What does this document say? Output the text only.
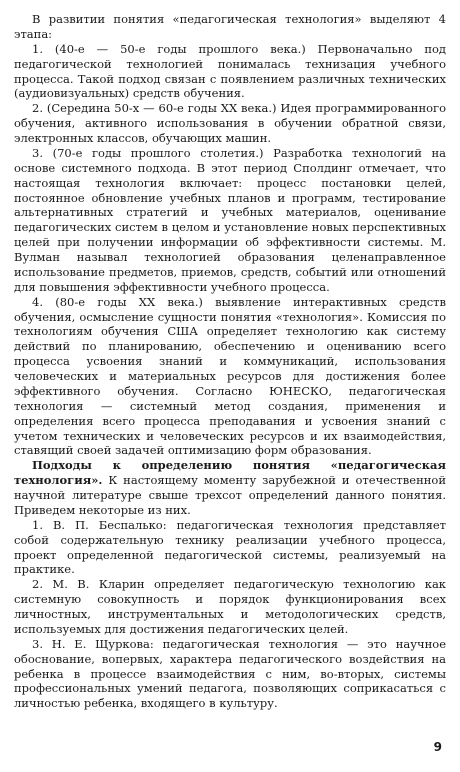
В развитии понятия «педагогическая технология» выделяют 4 этапа:

1. (40-е — 50-е годы прошлого века.) Первоначально под педагогической технологией понималась технизация учебного процесса. Такой подход связан с появлением различных технических (аудиовизуальных) средств обучения.

2. (Середина 50-х — 60-е годы XX века.) Идея программированного обучения, активного использования в обучении обратной связи, электронных классов, обучающих машин.

3. (70-е годы прошлого столетия.) Разработка технологий на основе системного подхода. В этот период Сполдинг отмечает, что настоящая технология включает: процесс постановки целей, постоянное обновление учебных планов и программ, тестирование альтернативных стратегий и учебных материалов, оценивание педагогических систем в целом и установление новых перспективных целей при получении информации об эффективности системы. М. Вулман называл технологией образования целенаправленное использование предметов, приемов, средств, событий или отношений для повышения эффективности учебного процесса.

4. (80-е годы XX века.) выявление интерактивных средств обучения, осмысление сущности понятия «технология». Комиссия по технологиям обучения США определяет технологию как систему действий по планированию, обеспечению и оцениванию всего процесса усвоения знаний и коммуникаций, использования человеческих и материальных ресурсов для достижения более эффективного обучения. Согласно ЮНЕСКО, педагогическая технология — системный метод создания, применения и определения всего процесса преподавания и усвоения знаний с учетом технических и человеческих ресурсов и их взаимодействия, ставящий своей задачей оптимизацию форм образования.

Подходы к определению понятия «педагогическая технология». К настоящему моменту зарубежной и отечественной научной литературе свыше трехсот определений данного понятия. Приведем некоторые из них.

1. В. П. Беспалько: педагогическая технология представляет собой содержательную технику реализации учебного процесса, проект определенной педагогической системы, реализуемый на практике.

2. М. В. Кларин определяет педагогическую технологию как системную совокупность и порядок функционирования всех личностных, инструментальных и методологических средств, используемых для достижения педагогических целей.

3. Н. Е. Щуркова: педагогическая технология — это научное обоснование, вопервых, характера педагогического воздействия на ребенка в процессе взаимодействия с ним, во-вторых, системы профессиональных умений педагога, позволяющих соприкасаться с личностью ребенка, входящего в культуру.

9
